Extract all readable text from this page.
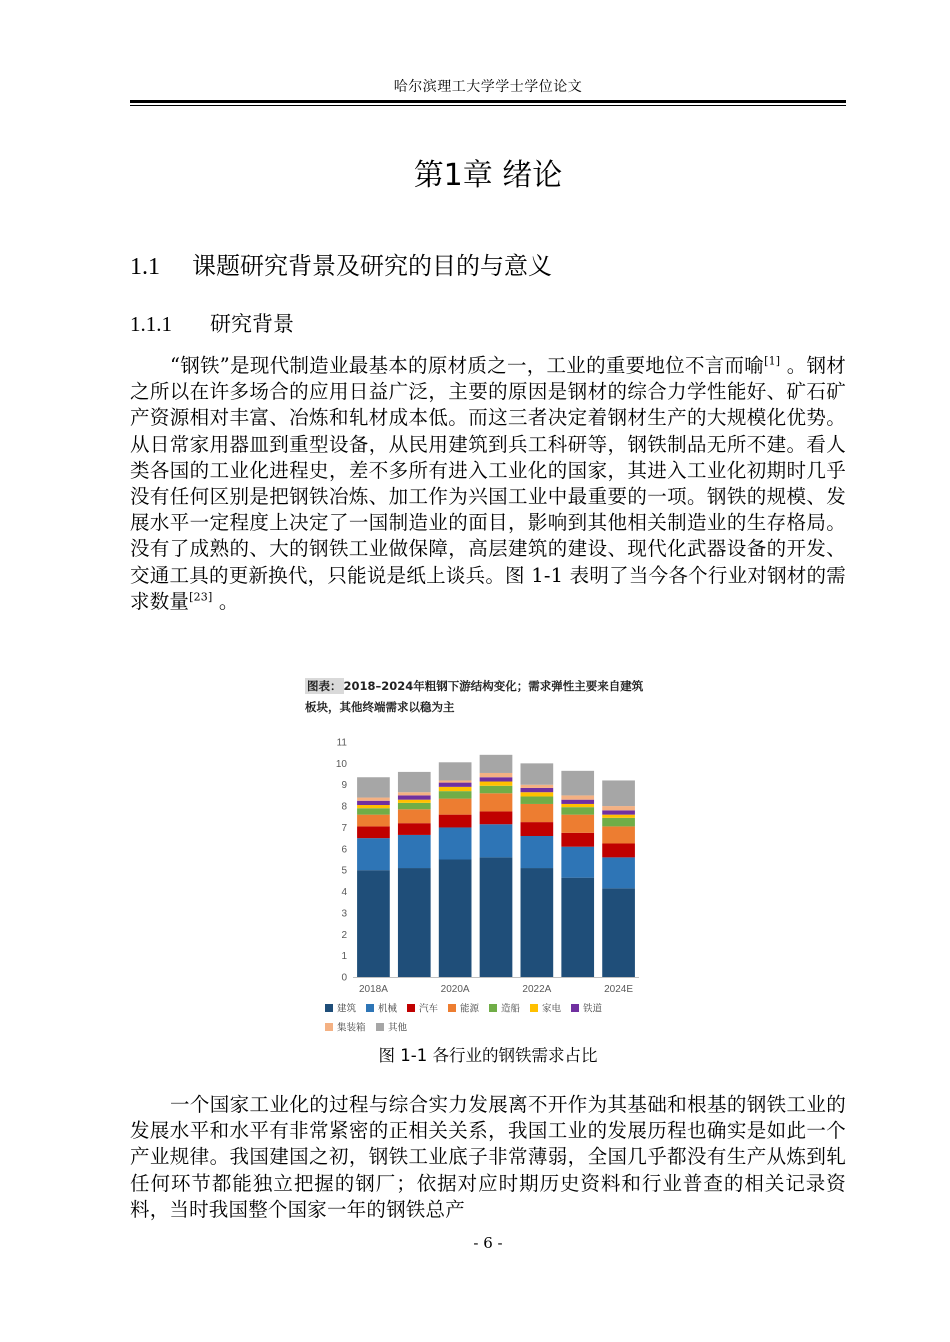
哈尔滨理工大学学士学位论文
第1章 绪论
1.1 课题研究背景及研究的目的与意义
1.1.1 研究背景

“钢铁”是现代制造业最基本的原材质之一，工业的重要地位不言而喻[1] 。钢材之所以在许多场合的应用日益广泛，主要的原因是钢材的综合力学性能好、矿石矿产资源相对丰富、冶炼和轧材成本低。而这三者决定着钢材生产的大规模化优势。从日常家用器皿到重型设备，从民用建筑到兵工科研等，钢铁制品无所不建。看人类各国的工业化进程史，差不多所有进入工业化的国家，其进入工业化初期时几乎没有任何区别是把钢铁冶炼、加工作为兴国工业中最重要的一项。钢铁的规模、发展水平一定程度上决定了一国制造业的面目，影响到其他相关制造业的生存格局。没有了成熟的、大的钢铁工业做保障，高层建筑的建设、现代化武器设备的开发、交通工具的更新换代，只能说是纸上谈兵。图 1-1 表明了当今各个行业对钢材的需求数量[23] 。

图表： 2018–2024年粗钢下游结构变化；需求弹性主要来自建筑板块，其他终端需求以稳为主

0
1
2
3
4
5
6
7
8
9
10
11
2018A	2020A	2022A	2024E
建筑 机械 汽车 能源 造船 家电 铁道
集装箱 其他
图 1-1 各行业的钢铁需求占比

一个国家工业化的过程与综合实力发展离不开作为其基础和根基的钢铁工业的发展水平和水平有非常紧密的正相关关系，我国工业的发展历程也确实是如此一个产业规律。我国建国之初，钢铁工业底子非常薄弱，全国几乎都没有生产从炼到轧任何环节都能独立把握的钢厂；依据对应时期历史资料和行业普查的相关记录资料，当时我国整个国家一年的钢铁总产

- 6 -
